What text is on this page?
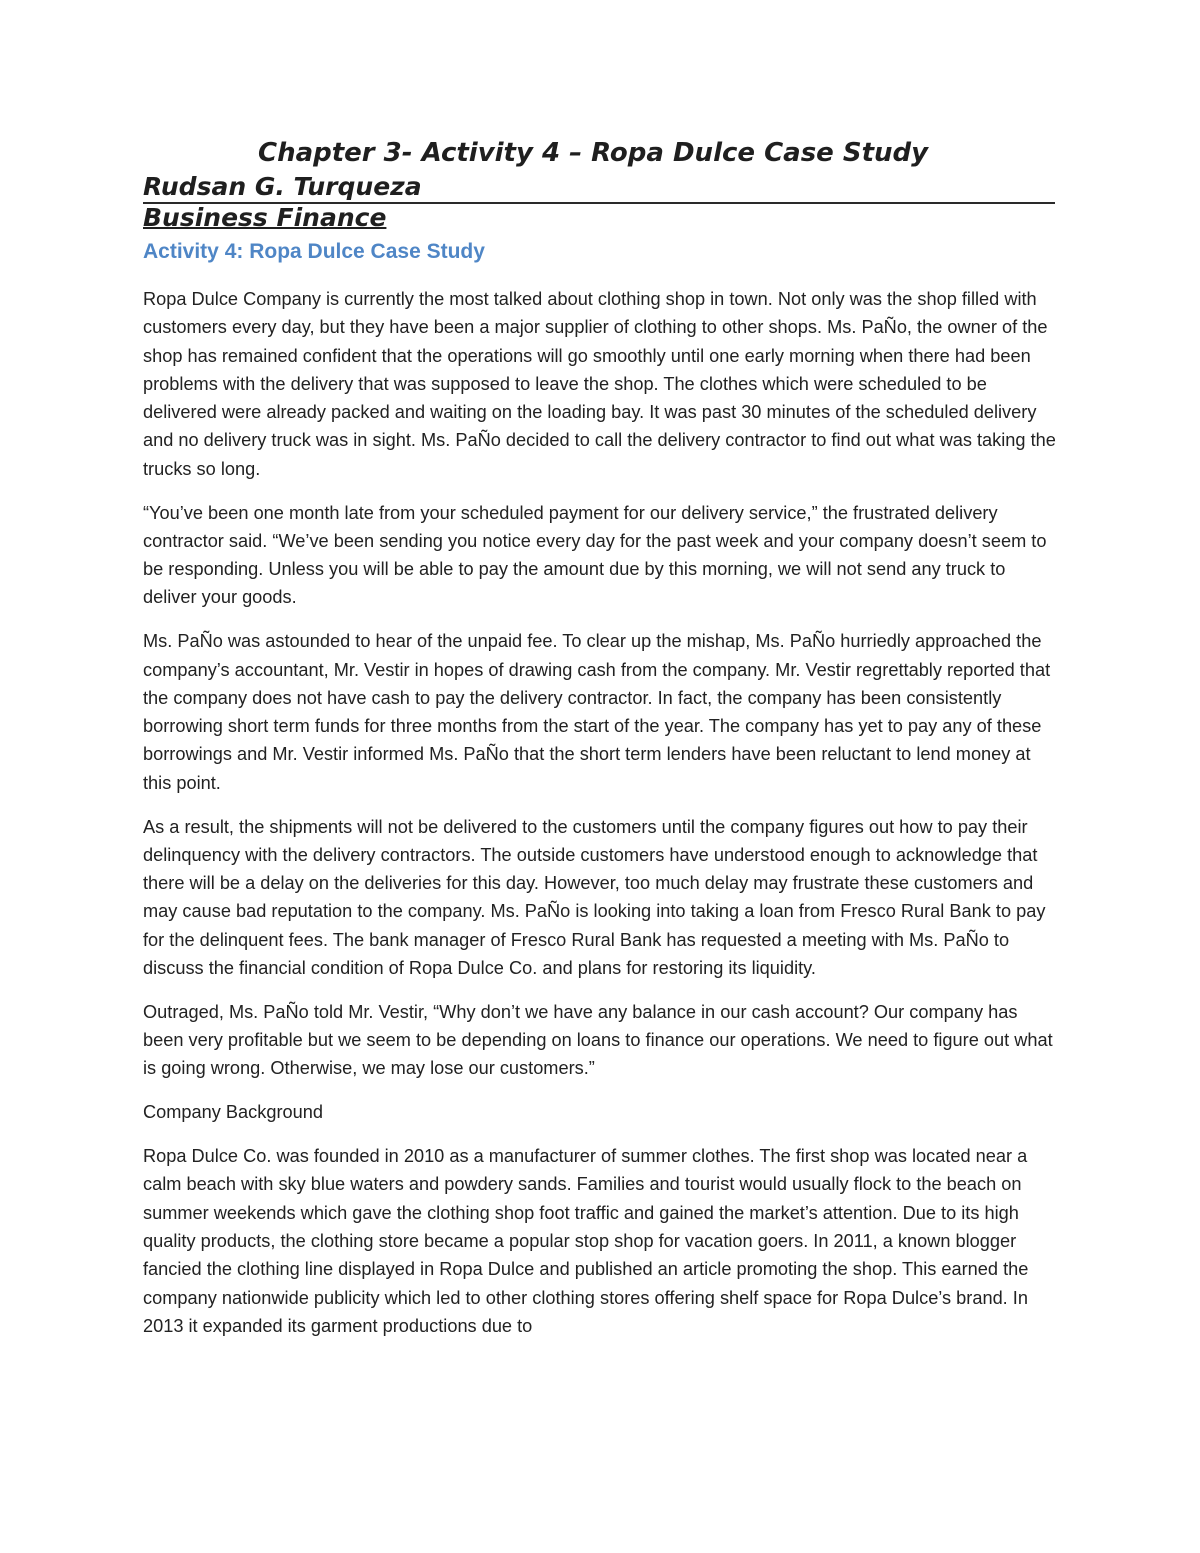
Chapter 3- Activity 4 – Ropa Dulce Case Study
Rudsan G. Turqueza
Business Finance
Activity 4: Ropa Dulce Case Study

Ropa Dulce Company is currently the most talked about clothing shop in town. Not only was the shop filled with customers every day, but they have been a major supplier of clothing to other shops. Ms. PaÑo, the owner of the shop has remained confident that the operations will go smoothly until one early morning when there had been problems with the delivery that was supposed to leave the shop. The clothes which were scheduled to be delivered were already packed and waiting on the loading bay. It was past 30 minutes of the scheduled delivery and no delivery truck was in sight. Ms. PaÑo decided to call the delivery contractor to find out what was taking the trucks so long.

“You’ve been one month late from your scheduled payment for our delivery service,” the frustrated delivery contractor said. “We’ve been sending you notice every day for the past week and your company doesn’t seem to be responding. Unless you will be able to pay the amount due by this morning, we will not send any truck to deliver your goods.

Ms. PaÑo was astounded to hear of the unpaid fee. To clear up the mishap, Ms. PaÑo hurriedly approached the company’s accountant, Mr. Vestir in hopes of drawing cash from the company. Mr. Vestir regrettably reported that the company does not have cash to pay the delivery contractor. In fact, the company has been consistently borrowing short term funds for three months from the start of the year. The company has yet to pay any of these borrowings and Mr. Vestir informed Ms. PaÑo that the short term lenders have been reluctant to lend money at this point.

As a result, the shipments will not be delivered to the customers until the company figures out how to pay their delinquency with the delivery contractors. The outside customers have understood enough to acknowledge that there will be a delay on the deliveries for this day. However, too much delay may frustrate these customers and may cause bad reputation to the company. Ms. PaÑo is looking into taking a loan from Fresco Rural Bank to pay for the delinquent fees. The bank manager of Fresco Rural Bank has requested a meeting with Ms. PaÑo to discuss the financial condition of Ropa Dulce Co. and plans for restoring its liquidity.

Outraged, Ms. PaÑo told Mr. Vestir, “Why don’t we have any balance in our cash account? Our company has been very profitable but we seem to be depending on loans to finance our operations. We need to figure out what is going wrong. Otherwise, we may lose our customers.”

Company Background

Ropa Dulce Co. was founded in 2010 as a manufacturer of summer clothes. The first shop was located near a calm beach with sky blue waters and powdery sands. Families and tourist would usually flock to the beach on summer weekends which gave the clothing shop foot traffic and gained the market’s attention. Due to its high quality products, the clothing store became a popular stop shop for vacation goers. In 2011, a known blogger fancied the clothing line displayed in Ropa Dulce and published an article promoting the shop. This earned the company nationwide publicity which led to other clothing stores offering shelf space for Ropa Dulce’s brand. In 2013 it expanded its garment productions due to
